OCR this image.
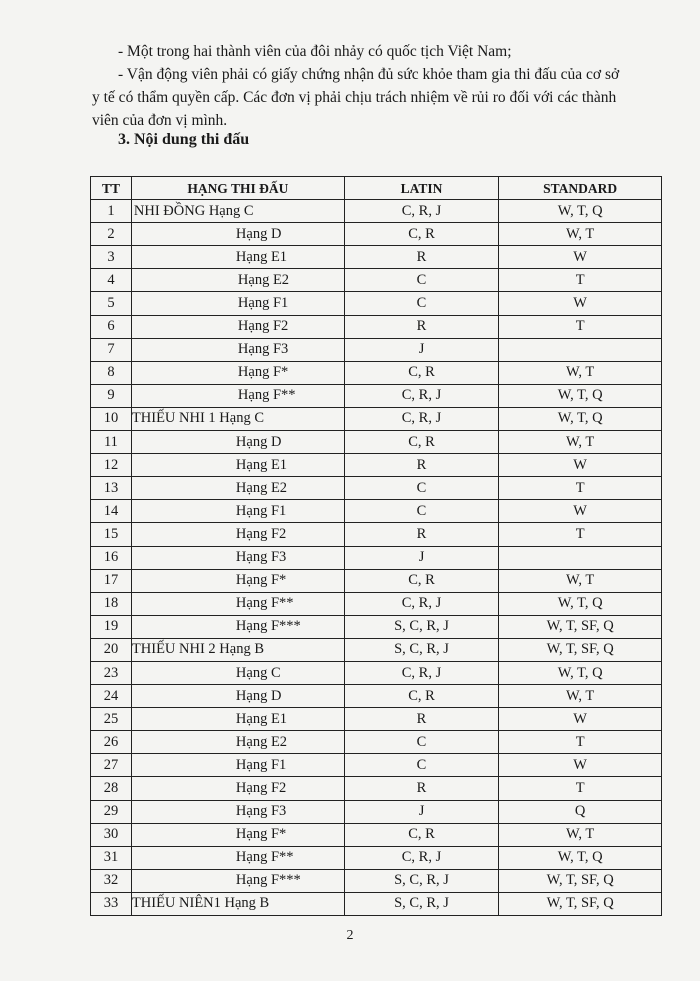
- Một trong hai thành viên của đôi nhảy có quốc tịch Việt Nam;
- Vận động viên phải có giấy chứng nhận đủ sức khỏe tham gia thi đấu của cơ sở
y tế có thẩm quyền cấp. Các đơn vị phải chịu trách nhiệm về rủi ro đối với các thành
viên của đơn vị mình.
3. Nội dung thi đấu
TT	HẠNG THI ĐẤU	LATIN	STANDARD
1	NHI ĐỒNG Hạng C	C, R, J	W, T, Q
2	Hạng D	C, R	W, T
3	Hạng E1	R	W
4	Hạng E2	C	T
5	Hạng F1	C	W
6	Hạng F2	R	T
7	Hạng F3	J	
8	Hạng F*	C, R	W, T
9	Hạng F**	C, R, J	W, T, Q
10	THIẾU NHI 1 Hạng C	C, R, J	W, T, Q
11	Hạng D	C, R	W, T
12	Hạng E1	R	W
13	Hạng E2	C	T
14	Hạng F1	C	W
15	Hạng F2	R	T
16	Hạng F3	J	
17	Hạng F*	C, R	W, T
18	Hạng F**	C, R, J	W, T, Q
19	Hạng F***	S, C, R, J	W, T, SF, Q
20	THIẾU NHI 2 Hạng B	S, C, R, J	W, T, SF, Q
23	Hạng C	C, R, J	W, T, Q
24	Hạng D	C, R	W, T
25	Hạng E1	R	W
26	Hạng E2	C	T
27	Hạng F1	C	W
28	Hạng F2	R	T
29	Hạng F3	J	Q
30	Hạng F*	C, R	W, T
31	Hạng F**	C, R, J	W, T, Q
32	Hạng F***	S, C, R, J	W, T, SF, Q
33	THIẾU NIÊN1 Hạng B	S, C, R, J	W, T, SF, Q
2
